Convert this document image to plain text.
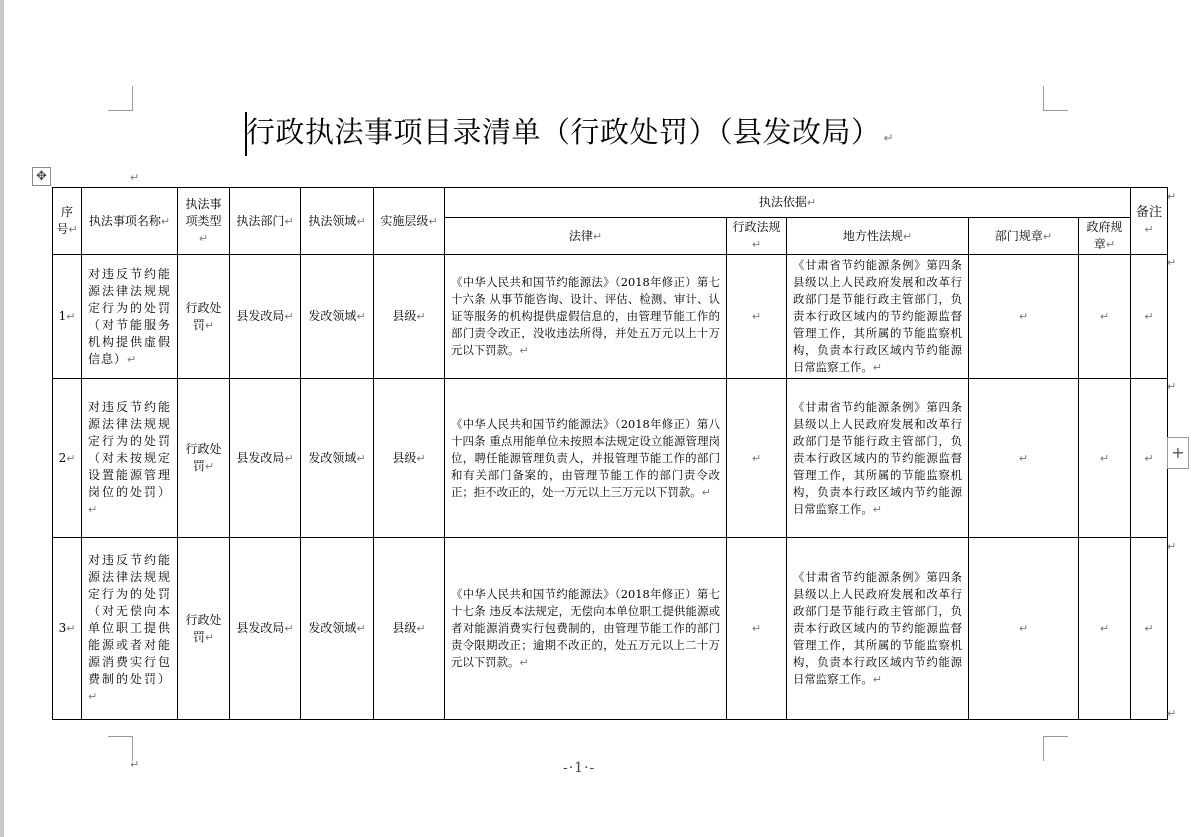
行政执法事项目录清单（行政处罚）（县发改局） ↵
↵
✥
序号↵	执法事项名称↵	执法事项类型↵	执法部门↵	执法领域↵	实施层级↵	执法依据↵					备注↵
						法律↵	行政法规↵	地方性法规↵	部门规章↵	政府规章↵	
1↵	对违反节约能源法律法规规定行为的处罚（对节能服务机构提供虚假信息）↵	行政处罚↵	县发改局↵	发改领域↵	县级↵	《中华人民共和国节约能源法》（2018年修正）第七十六条 从事节能咨询、设计、评估、检测、审计、认证等服务的机构提供虚假信息的，由管理节能工作的部门责令改正，没收违法所得，并处五万元以上十万元以下罚款。↵	↵	《甘肃省节约能源条例》第四条 县级以上人民政府发展和改革行政部门是节能行政主管部门，负责本行政区域内的节约能源监督管理工作，其所属的节能监察机构，负责本行政区域内节约能源日常监察工作。↵	↵	↵	↵
2↵	对违反节约能源法律法规规定行为的处罚（对未按规定设置能源管理岗位的处罚）↵	行政处罚↵	县发改局↵	发改领域↵	县级↵	《中华人民共和国节约能源法》（2018年修正）第八十四条 重点用能单位未按照本法规定设立能源管理岗位，聘任能源管理负责人，并报管理节能工作的部门和有关部门备案的，由管理节能工作的部门责令改正；拒不改正的，处一万元以上三万元以下罚款。↵	↵	《甘肃省节约能源条例》第四条 县级以上人民政府发展和改革行政部门是节能行政主管部门，负责本行政区域内的节约能源监督管理工作，其所属的节能监察机构，负责本行政区域内节约能源日常监察工作。↵	↵	↵	↵
3↵	对违反节约能源法律法规规定行为的处罚（对无偿向本单位职工提供能源或者对能源消费实行包费制的处罚）↵	行政处罚↵	县发改局↵	发改领域↵	县级↵	《中华人民共和国节约能源法》（2018年修正）第七十七条 违反本法规定，无偿向本单位职工提供能源或者对能源消费实行包费制的，由管理节能工作的部门责令限期改正；逾期不改正的，处五万元以上二十万元以下罚款。↵	↵	《甘肃省节约能源条例》第四条 县级以上人民政府发展和改革行政部门是节能行政主管部门，负责本行政区域内的节约能源监督管理工作，其所属的节能监察机构，负责本行政区域内节约能源日常监察工作。↵	↵	↵	↵
↵
↵
↵
↵
↵
+
↵	-·1·-
